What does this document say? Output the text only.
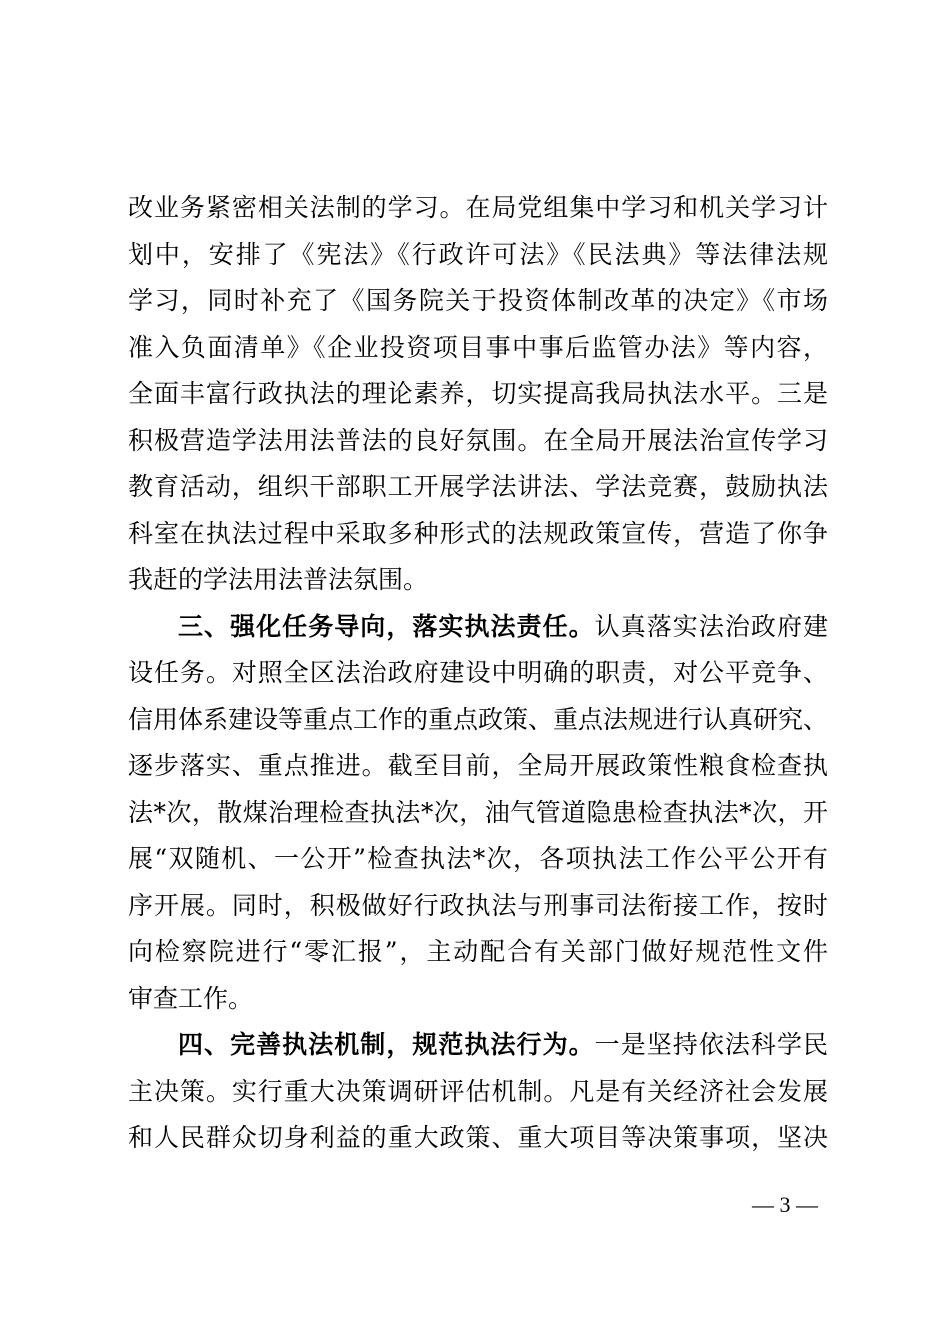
改业务紧密相关法制的学习。在局党组集中学习和机关学习计
划中，安排了《宪法》《行政许可法》《民法典》等法律法规
学习，同时补充了《国务院关于投资体制改革的决定》《市场
准入负面清单》《企业投资项目事中事后监管办法》等内容，
全面丰富行政执法的理论素养，切实提高我局执法水平。三是
积极营造学法用法普法的良好氛围。在全局开展法治宣传学习
教育活动，组织干部职工开展学法讲法、学法竞赛，鼓励执法
科室在执法过程中采取多种形式的法规政策宣传，营造了你争
我赶的学法用法普法氛围。
三、强化任务导向，落实执法责任。认真落实法治政府建
设任务。对照全区法治政府建设中明确的职责，对公平竞争、
信用体系建设等重点工作的重点政策、重点法规进行认真研究、
逐步落实、重点推进。截至目前，全局开展政策性粮食检查执
法*次，散煤治理检查执法*次，油气管道隐患检查执法*次，开
展“双随机、一公开”检查执法*次，各项执法工作公平公开有
序开展。同时，积极做好行政执法与刑事司法衔接工作，按时
向检察院进行“零汇报”，主动配合有关部门做好规范性文件
审查工作。
四、完善执法机制，规范执法行为。一是坚持依法科学民
主决策。实行重大决策调研评估机制。凡是有关经济社会发展
和人民群众切身利益的重大政策、重大项目等决策事项，坚决
— 3 —
